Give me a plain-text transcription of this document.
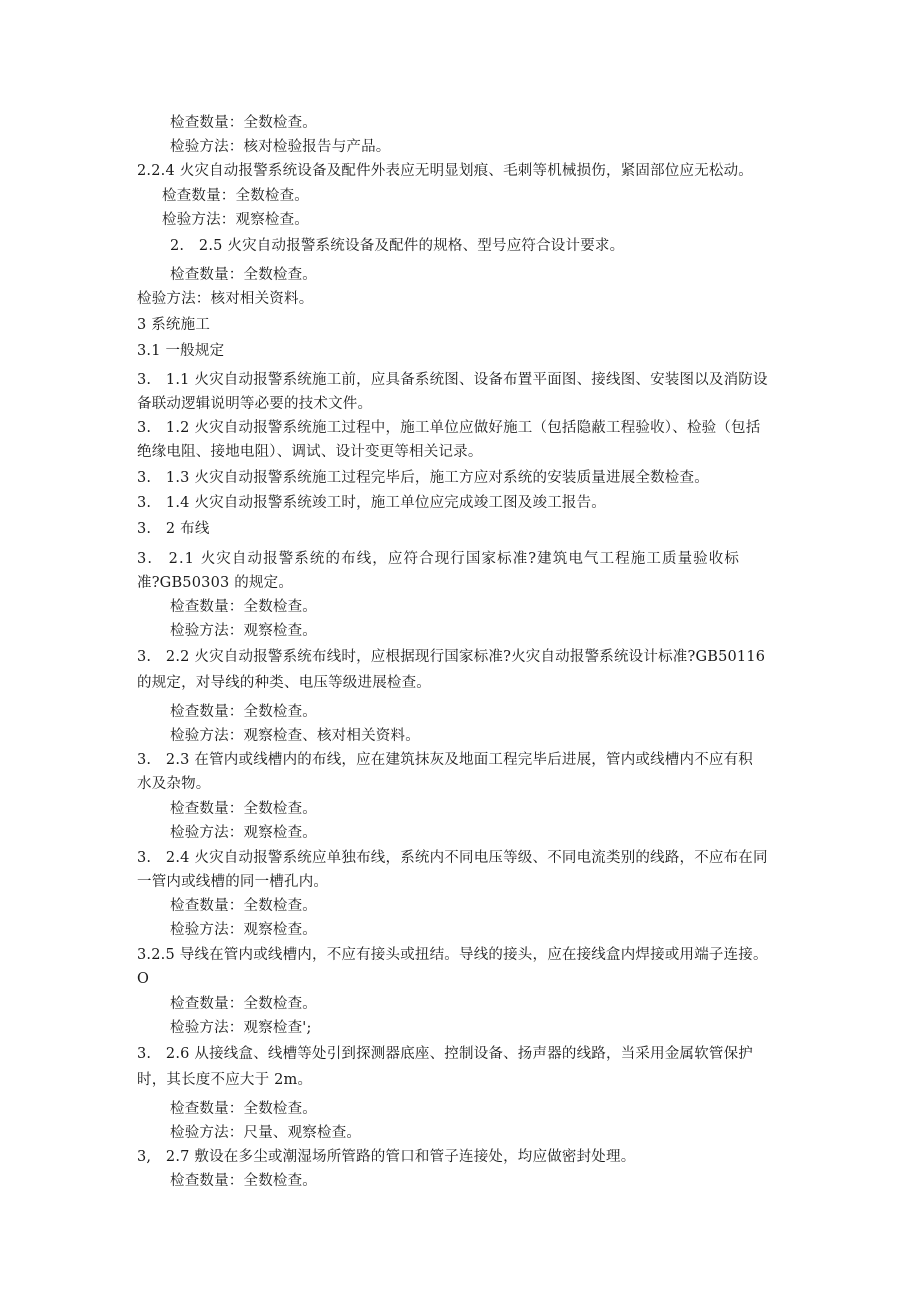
检查数量：全数检查。
检验方法：核对检验报告与产品。
2.2.4 火灾自动报警系统设备及配件外表应无明显划痕、毛刺等机械损伤，紧固部位应无松动。
检查数量：全数检查。
检验方法：观察检查。
2.　2.5 火灾自动报警系统设备及配件的规格、型号应符合设计要求。
检查数量：全数检查。
检验方法：核对相关资料。
3 系统施工
3.1 一般规定
3.　1.1 火灾自动报警系统施工前，应具备系统图、设备布置平面图、接线图、安装图以及消防设
备联动逻辑说明等必要的技术文件。
3.　1.2 火灾自动报警系统施工过程中，施工单位应做好施工（包括隐蔽工程验收）、检验（包括
绝缘电阻、接地电阻）、调试、设计变更等相关记录。
3.　1.3 火灾自动报警系统施工过程完毕后，施工方应对系统的安装质量进展全数检查。
3.　1.4 火灾自动报警系统竣工时，施工单位应完成竣工图及竣工报告。
3.　2 布线
3.　2.1 火灾自动报警系统的布线，应符合现行国家标准?建筑电气工程施工质量验收标
准?GB50303 的规定。
检查数量：全数检查。
检验方法：观察检查。
3.　2.2 火灾自动报警系统布线时，应根据现行国家标准?火灾自动报警系统设计标准?GB50116
的规定，对导线的种类、电压等级进展检查。
检查数量：全数检查。
检验方法：观察检查、核对相关资料。
3.　2.3 在管内或线槽内的布线，应在建筑抹灰及地面工程完毕后进展，管内或线槽内不应有积
水及杂物。
检查数量：全数检查。
检验方法：观察检查。
3.　2.4 火灾自动报警系统应单独布线，系统内不同电压等级、不同电流类别的线路，不应布在同
一管内或线槽的同一槽孔内。
检查数量：全数检查。
检验方法：观察检查。
3.2.5 导线在管内或线槽内，不应有接头或扭结。导线的接头，应在接线盒内焊接或用端子连接。
O
检查数量：全数检查。
检验方法：观察检查';
3.　2.6 从接线盒、线槽等处引到探测器底座、控制设备、扬声器的线路，当采用金属软管保护
时，其长度不应大于 2m。
检查数量：全数检查。
检验方法：尺量、观察检查。
3,　2.7 敷设在多尘或潮湿场所管路的管口和管子连接处，均应做密封处理。
检查数量：全数检查。
